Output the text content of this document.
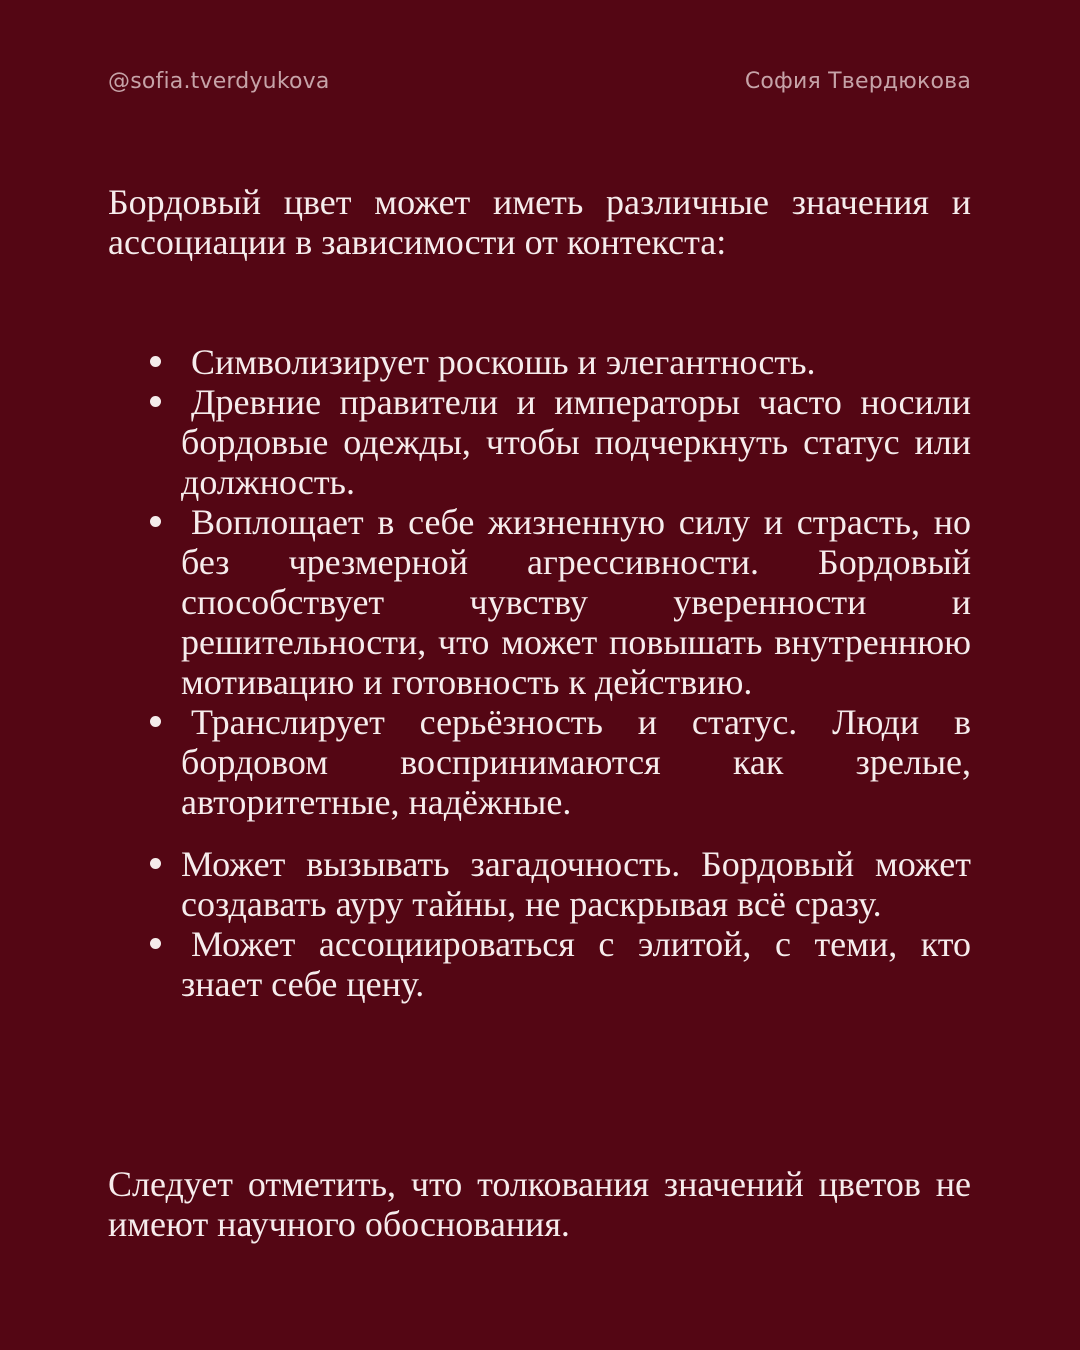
@sofia.tverdyukova	София Твердюкова

Бордовый цвет может иметь различные значения и ассоциации в зависимости от контекста:

Символизирует роскошь и элегантность.
Древние правители и императоры часто носили бордовые одежды, чтобы подчеркнуть статус или должность.
Воплощает в себе жизненную силу и страсть, но без чрезмерной агрессивности. Бордовый способствует чувству уверенности и решительности, что может повышать внутреннюю мотивацию и готовность к действию.
Транслирует серьёзность и статус. Люди в бордовом воспринимаются как зрелые, авторитетные, надёжные.
Может вызывать загадочность. Бордовый может создавать ауру тайны, не раскрывая всё сразу.
Может ассоциироваться с элитой, с теми, кто знает себе цену.

Следует отметить, что толкования значений цветов не имеют научного обоснования.
